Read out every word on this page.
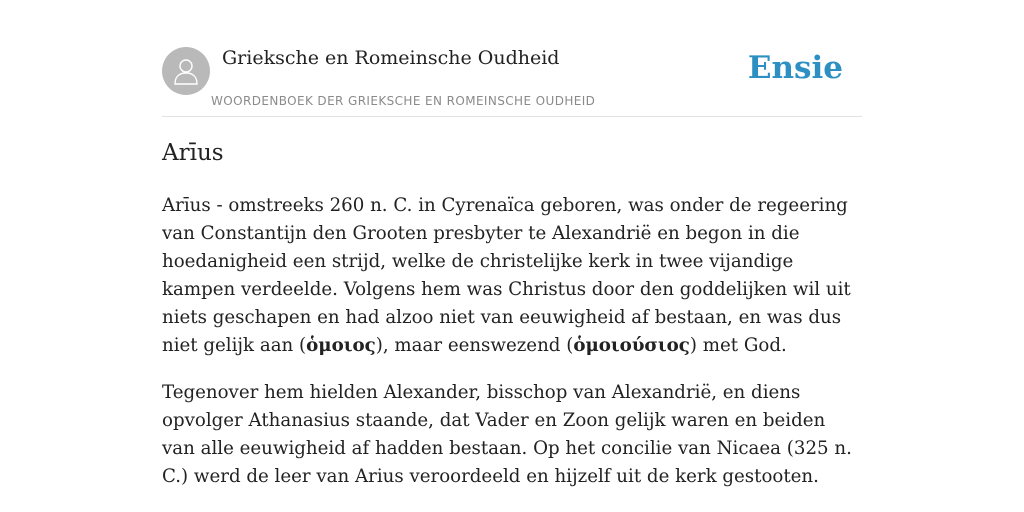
Grieksche en Romeinsche Oudheid
WOORDENBOEK DER GRIEKSCHE EN ROMEINSCHE OUDHEID
Ensie
Arīus

Arīus - omstreeks 260 n. C. in Cyrenaïca geboren, was onder de regeering van Constantijn den Grooten presbyter te Alexandrië en begon in die hoedanigheid een strijd, welke de christelijke kerk in twee vijandige kampen verdeelde. Volgens hem was Christus door den goddelijken wil uit niets geschapen en had alzoo niet van eeuwigheid af bestaan, en was dus niet gelijk aan (ὁμοιος), maar eenswezend (ὁμοιούσιος) met God.

Tegenover hem hielden Alexander, bisschop van Alexandrië, en diens opvolger Athanasius staande, dat Vader en Zoon gelijk waren en beiden van alle eeuwigheid af hadden bestaan. Op het concilie van Nicaea (325 n. C.) werd de leer van Arius veroordeeld en hijzelf uit de kerk gestooten.
